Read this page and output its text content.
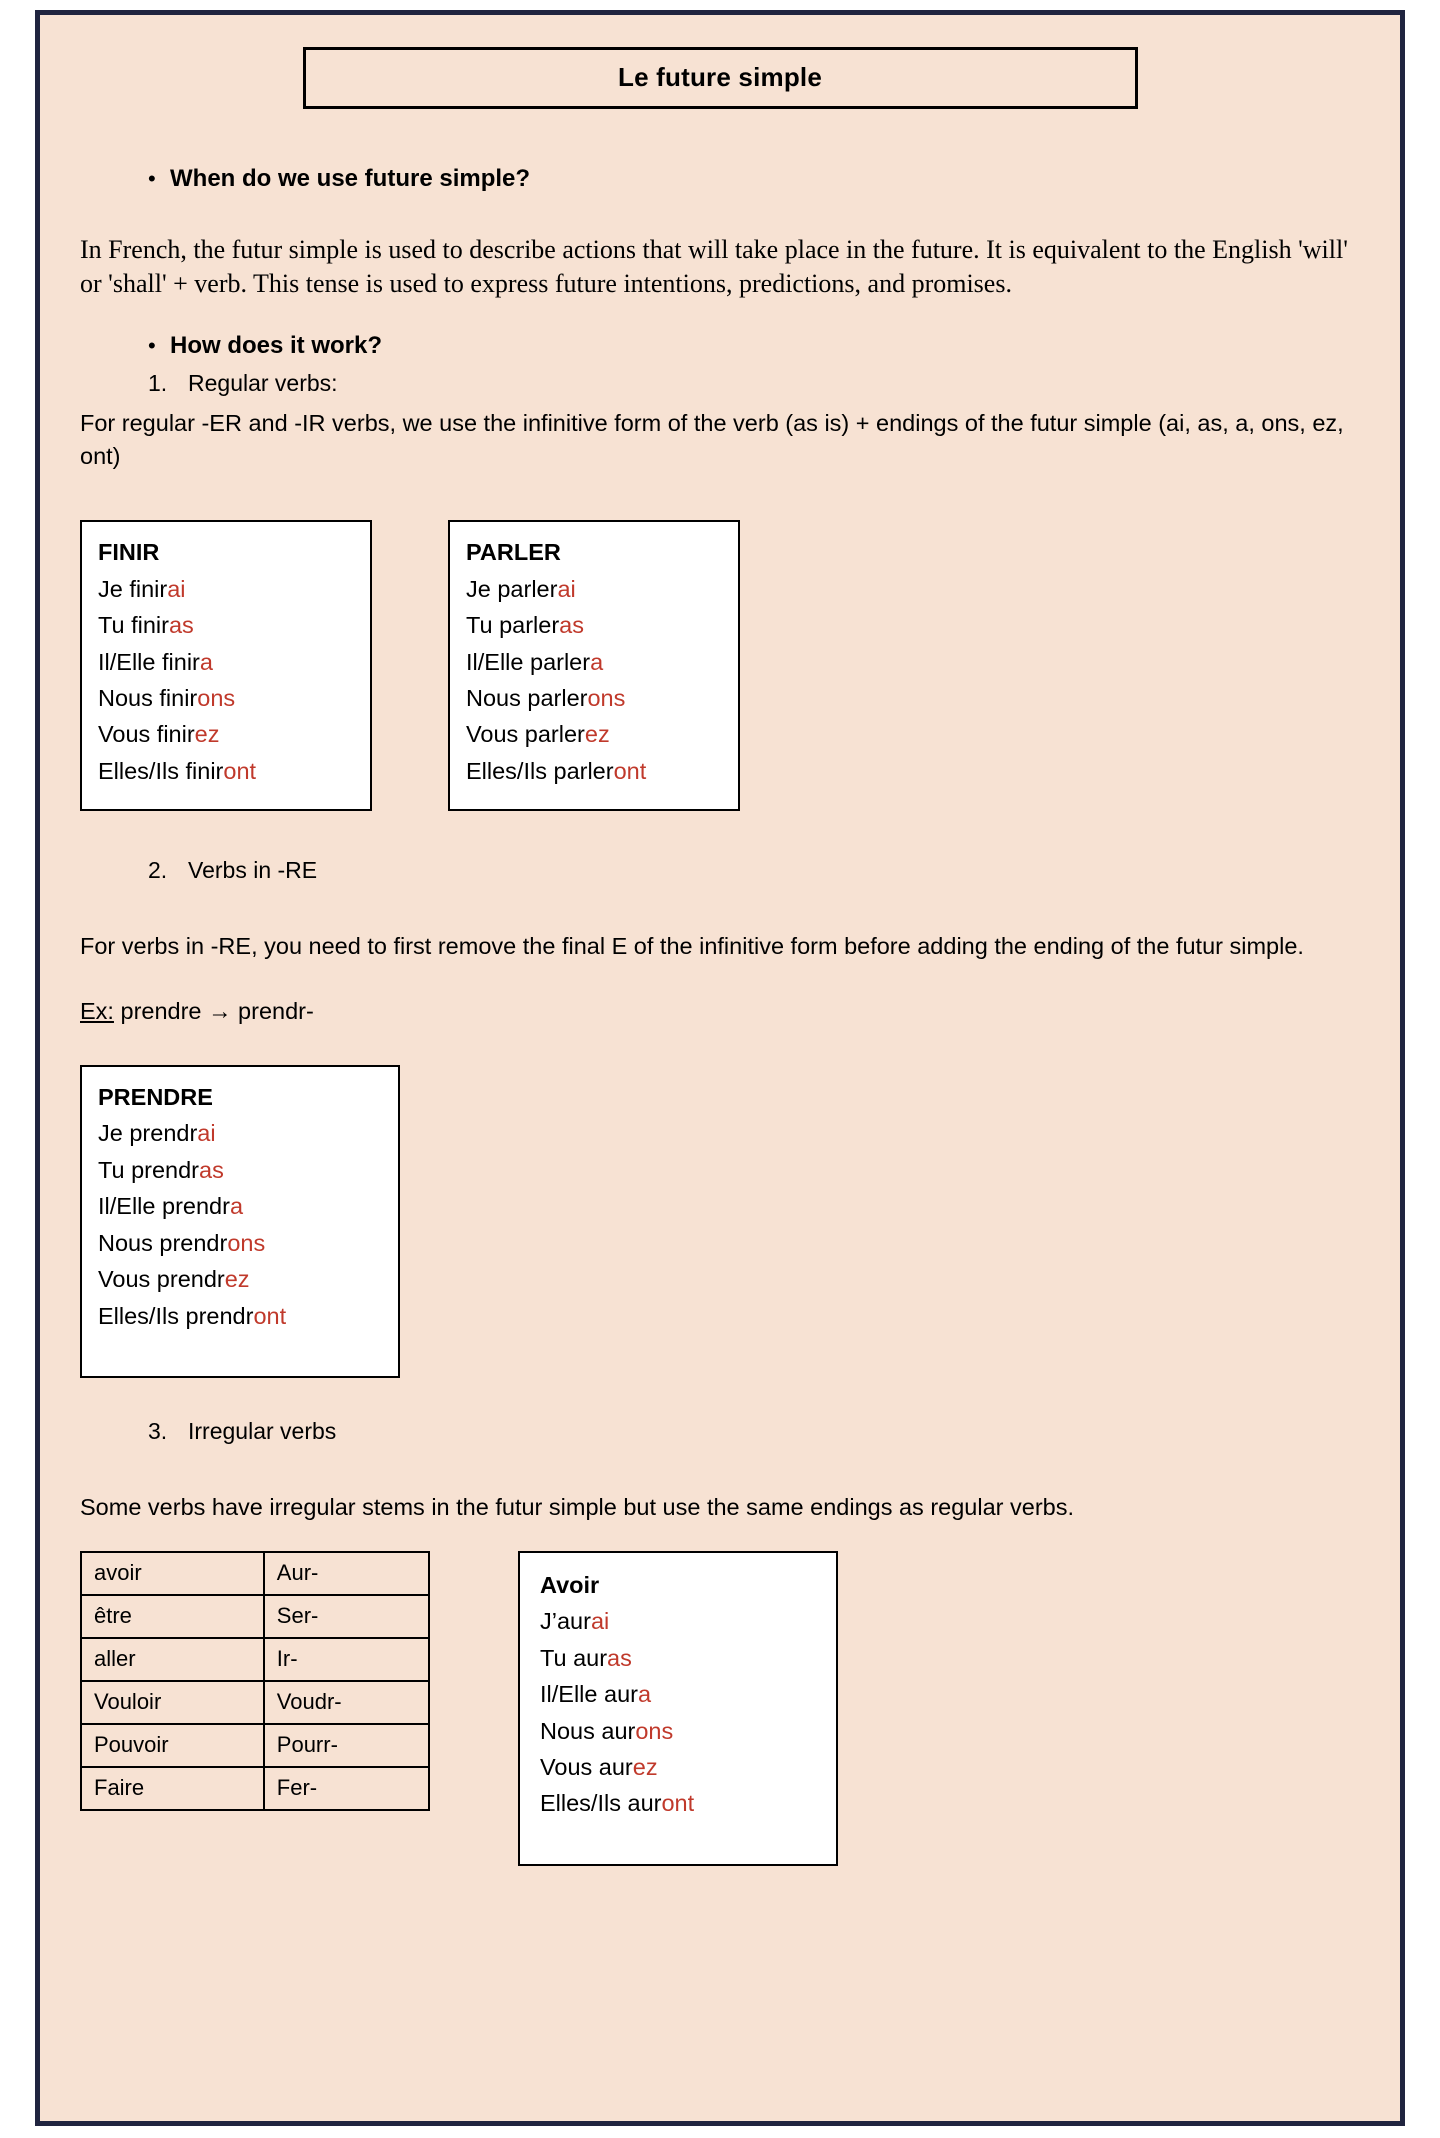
Le future simple
• When do we use future simple?

In French, the futur simple is used to describe actions that will take place in the future. It is equivalent to the English 'will' or 'shall' + verb. This tense is used to express future intentions, predictions, and promises.

• How does it work?
1. Regular verbs:

For regular -ER and -IR verbs, we use the infinitive form of the verb (as is) + endings of the futur simple (ai, as, a, ons, ez, ont)

FINIR
Je finirai
Tu finiras
Il/Elle finira
Nous finirons
Vous finirez
Elles/Ils finiront
PARLER
Je parlerai
Tu parleras
Il/Elle parlera
Nous parlerons
Vous parlerez
Elles/Ils parleront
2. Verbs in -RE

For verbs in -RE, you need to first remove the final E of the infinitive form before adding the ending of the futur simple.

Ex: prendre → prendr-
PRENDRE
Je prendrai
Tu prendras
Il/Elle prendra
Nous prendrons
Vous prendrez
Elles/Ils prendront
3. Irregular verbs

Some verbs have irregular stems in the futur simple but use the same endings as regular verbs.

avoir	Aur-
être	Ser-
aller	Ir-
Vouloir	Voudr-
Pouvoir	Pourr-
Faire	Fer-
Avoir
J’aurai
Tu auras
Il/Elle aura
Nous aurons
Vous aurez
Elles/Ils auront
